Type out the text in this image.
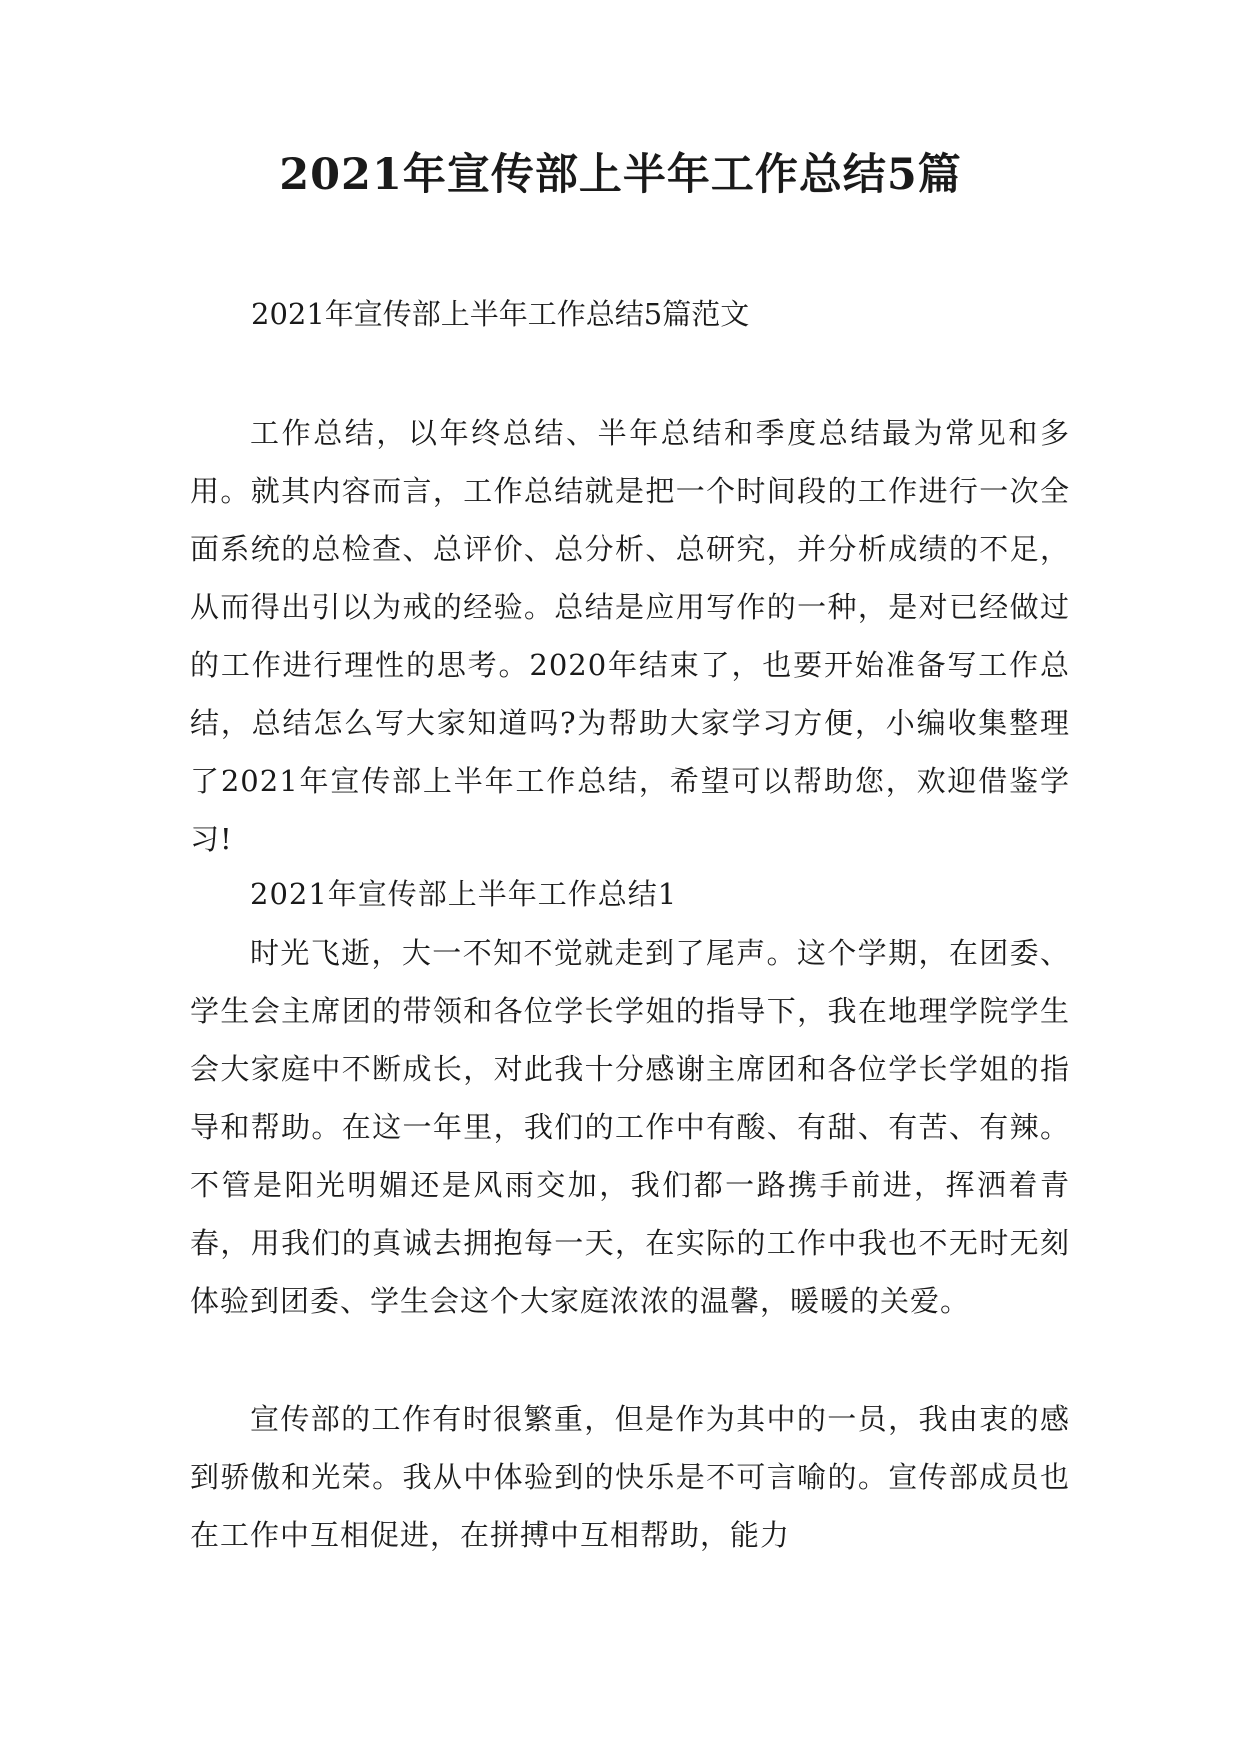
2021年宣传部上半年工作总结5篇

2021年宣传部上半年工作总结5篇范文

工作总结，以年终总结、半年总结和季度总结最为常见和多用。就其内容而言，工作总结就是把一个时间段的工作进行一次全面系统的总检查、总评价、总分析、总研究，并分析成绩的不足，从而得出引以为戒的经验。总结是应用写作的一种，是对已经做过的工作进行理性的思考。2020年结束了，也要开始准备写工作总结，总结怎么写大家知道吗?为帮助大家学习方便，小编收集整理了2021年宣传部上半年工作总结，希望可以帮助您，欢迎借鉴学习!

2021年宣传部上半年工作总结1

时光飞逝，大一不知不觉就走到了尾声。这个学期，在团委、学生会主席团的带领和各位学长学姐的指导下，我在地理学院学生会大家庭中不断成长，对此我十分感谢主席团和各位学长学姐的指导和帮助。在这一年里，我们的工作中有酸、有甜、有苦、有辣。不管是阳光明媚还是风雨交加，我们都一路携手前进，挥洒着青春，用我们的真诚去拥抱每一天，在实际的工作中我也不无时无刻体验到团委、学生会这个大家庭浓浓的温馨，暖暖的关爱。

宣传部的工作有时很繁重，但是作为其中的一员，我由衷的感到骄傲和光荣。我从中体验到的快乐是不可言喻的。宣传部成员也在工作中互相促进，在拼搏中互相帮助，能力
